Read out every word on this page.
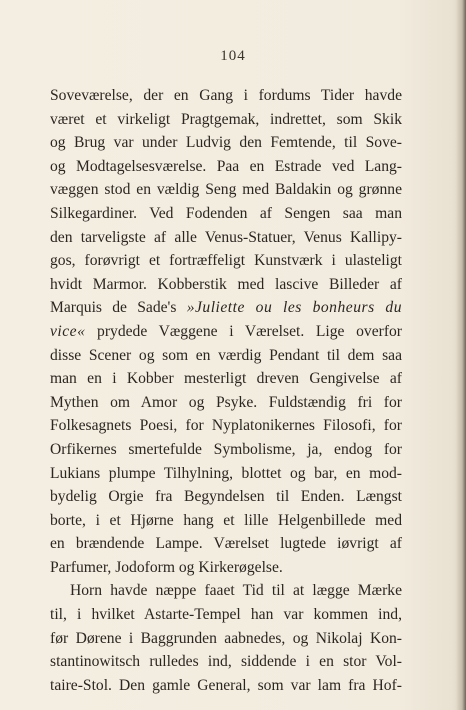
104
Soveværelse, der en Gang i fordums Tider havde
været et virkeligt Pragtgemak, indrettet, som Skik
og Brug var under Ludvig den Femtende, til Sove-
og Modtagelsesværelse. Paa en Estrade ved Lang-
væggen stod en vældig Seng med Baldakin og grønne
Silkegardiner. Ved Fodenden af Sengen saa man
den tarveligste af alle Venus-Statuer, Venus Kallipy-
gos, forøvrigt et fortræffeligt Kunstværk i ulasteligt
hvidt Marmor. Kobberstik med lascive Billeder af
Marquis de Sade's »Juliette ou les bonheurs du
vice« prydede Væggene i Værelset. Lige overfor
disse Scener og som en værdig Pendant til dem saa
man en i Kobber mesterligt dreven Gengivelse af
Mythen om Amor og Psyke. Fuldstændig fri for
Folkesagnets Poesi, for Nyplatonikernes Filosofi, for
Orfikernes smertefulde Symbolisme, ja, endog for
Lukians plumpe Tilhylning, blottet og bar, en mod-
bydelig Orgie fra Begyndelsen til Enden. Længst
borte, i et Hjørne hang et lille Helgenbillede med
en brændende Lampe. Værelset lugtede iøvrigt af
Parfumer, Jodoform og Kirkerøgelse.
Horn havde næppe faaet Tid til at lægge Mærke
til, i hvilket Astarte-Tempel han var kommen ind,
før Dørene i Baggrunden aabnedes, og Nikolaj Kon-
stantinowitsch rulledes ind, siddende i en stor Vol-
taire-Stol. Den gamle General, som var lam fra Hof-
